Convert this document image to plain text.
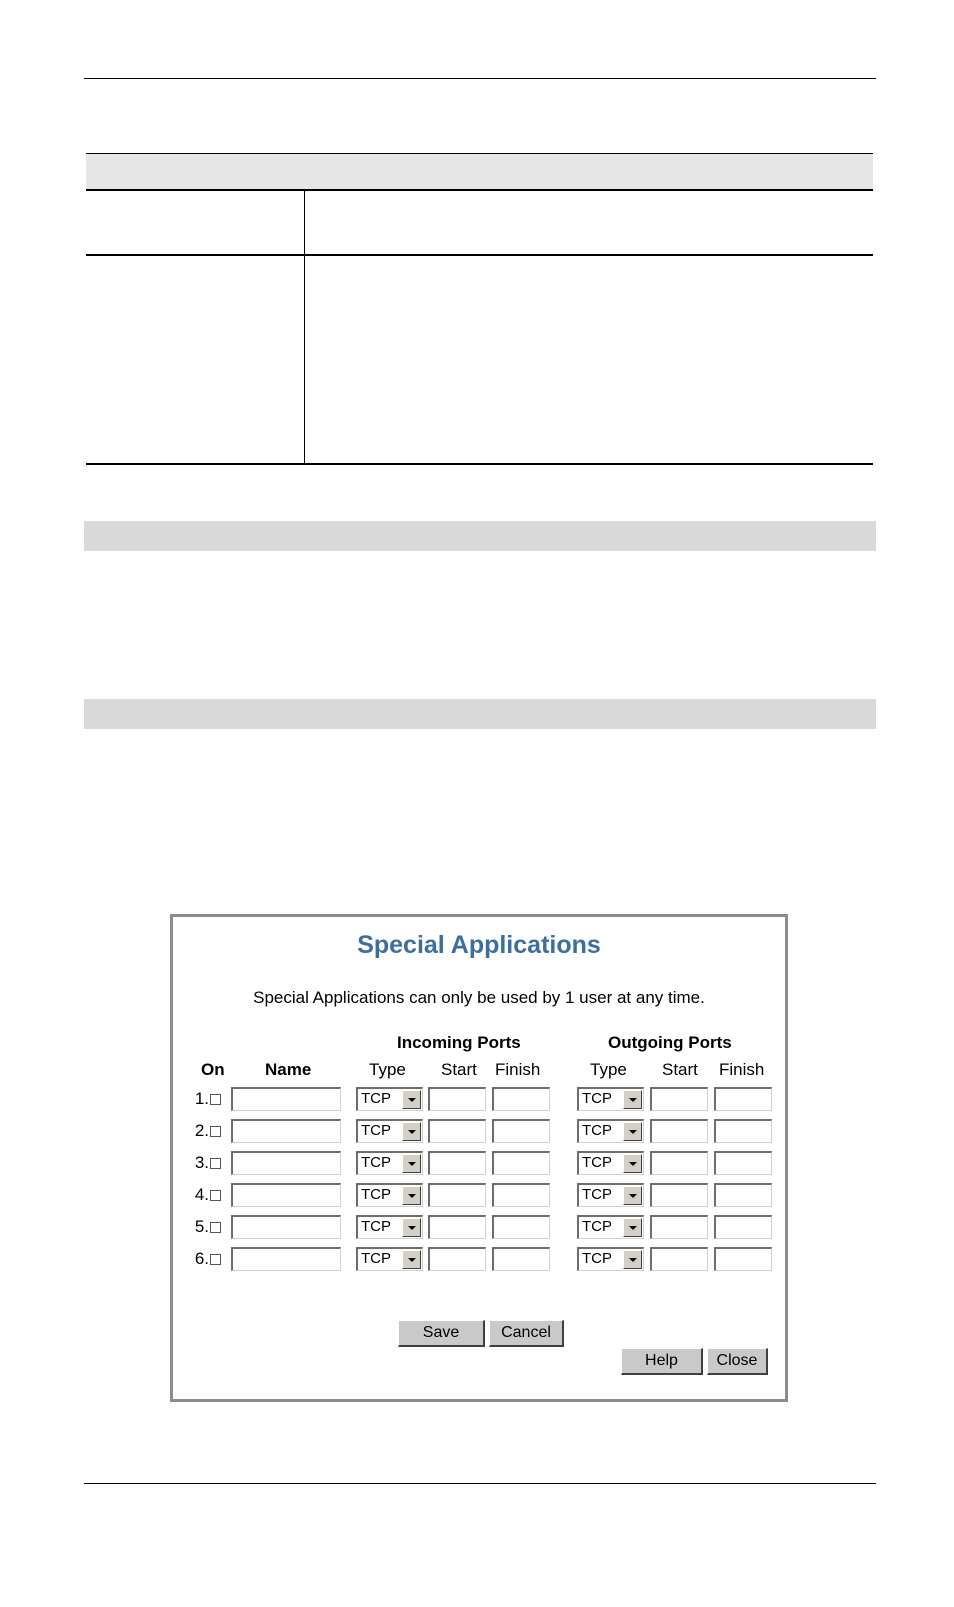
Special Applications
Special Applications can only be used by 1 user at any time.
Incoming Ports	Outgoing Ports
On Name	Type Start Finish	Type Start Finish
1.	TCP	TCP
2.	TCP	TCP
3.	TCP	TCP
4.	TCP	TCP
5.	TCP	TCP
6.	TCP	TCP
Save	Cancel
Help	Close
